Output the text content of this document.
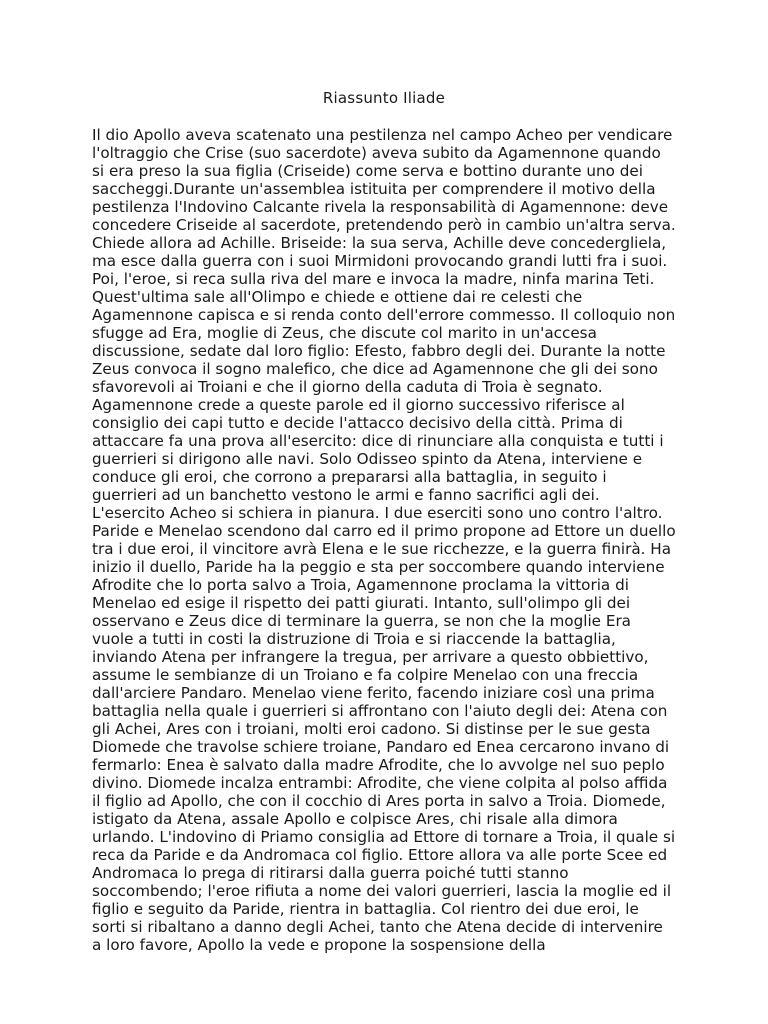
Riassunto Iliade

Il dio Apollo aveva scatenato una pestilenza nel campo Acheo per vendicare l'oltraggio che Crise (suo sacerdote) aveva subito da Agamennone quando si era preso la sua figlia (Criseide) come serva e bottino durante uno dei saccheggi.Durante un'assemblea istituita per comprendere il motivo della pestilenza l'Indovino Calcante rivela la responsabilità di Agamennone: deve concedere Criseide al sacerdote, pretendendo però in cambio un'altra serva. Chiede allora ad Achille. Briseide: la sua serva, Achille deve concedergliela, ma esce dalla guerra con i suoi Mirmidoni provocando grandi lutti fra i suoi. Poi, l'eroe, si reca sulla riva del mare e invoca la madre, ninfa marina Teti. Quest'ultima sale all'Olimpo e chiede e ottiene dai re celesti che Agamennone capisca e si renda conto dell'errore commesso. Il colloquio non sfugge ad Era, moglie di Zeus, che discute col marito in un'accesa discussione, sedate dal loro figlio: Efesto, fabbro degli dei. Durante la notte Zeus convoca il sogno malefico, che dice ad Agamennone che gli dei sono sfavorevoli ai Troiani e che il giorno della caduta di Troia è segnato. Agamennone crede a queste parole ed il giorno successivo riferisce al consiglio dei capi tutto e decide l'attacco decisivo della città. Prima di attaccare fa una prova all'esercito: dice di rinunciare alla conquista e tutti i guerrieri si dirigono alle navi. Solo Odisseo spinto da Atena, interviene e conduce gli eroi, che corrono a prepararsi alla battaglia, in seguito i guerrieri ad un banchetto vestono le armi e fanno sacrifici agli dei. L'esercito Acheo si schiera in pianura. I due eserciti sono uno contro l'altro. Paride e Menelao scendono dal carro ed il primo propone ad Ettore un duello tra i due eroi, il vincitore avrà Elena e le sue ricchezze, e la guerra finirà. Ha inizio il duello, Paride ha la peggio e sta per soccombere quando interviene Afrodite che lo porta salvo a Troia, Agamennone proclama la vittoria di Menelao ed esige il rispetto dei patti giurati. Intanto, sull'olimpo gli dei osservano e Zeus dice di terminare la guerra, se non che la moglie Era vuole a tutti in costi la distruzione di Troia e si riaccende la battaglia, inviando Atena per infrangere la tregua, per arrivare a questo obbiettivo, assume le sembianze di un Troiano e fa colpire Menelao con una freccia dall'arciere Pandaro. Menelao viene ferito, facendo iniziare così una prima battaglia nella quale i guerrieri si affrontano con l'aiuto degli dei: Atena con gli Achei, Ares con i troiani, molti eroi cadono. Si distinse per le sue gesta Diomede che travolse schiere troiane, Pandaro ed Enea cercarono invano di fermarlo: Enea è salvato dalla madre Afrodite, che lo avvolge nel suo peplo divino. Diomede incalza entrambi: Afrodite, che viene colpita al polso affida il figlio ad Apollo, che con il cocchio di Ares porta in salvo a Troia. Diomede, istigato da Atena, assale Apollo e colpisce Ares, chi risale alla dimora urlando. L'indovino di Priamo consiglia ad Ettore di tornare a Troia, il quale si reca da Paride e da Andromaca col figlio. Ettore allora va alle porte Scee ed Andromaca lo prega di ritirarsi dalla guerra poiché tutti stanno soccombendo; l'eroe rifiuta a nome dei valori guerrieri, lascia la moglie ed il figlio e seguito da Paride, rientra in battaglia. Col rientro dei due eroi, le sorti si ribaltano a danno degli Achei, tanto che Atena decide di intervenire a loro favore, Apollo la vede e propone la sospensione della
